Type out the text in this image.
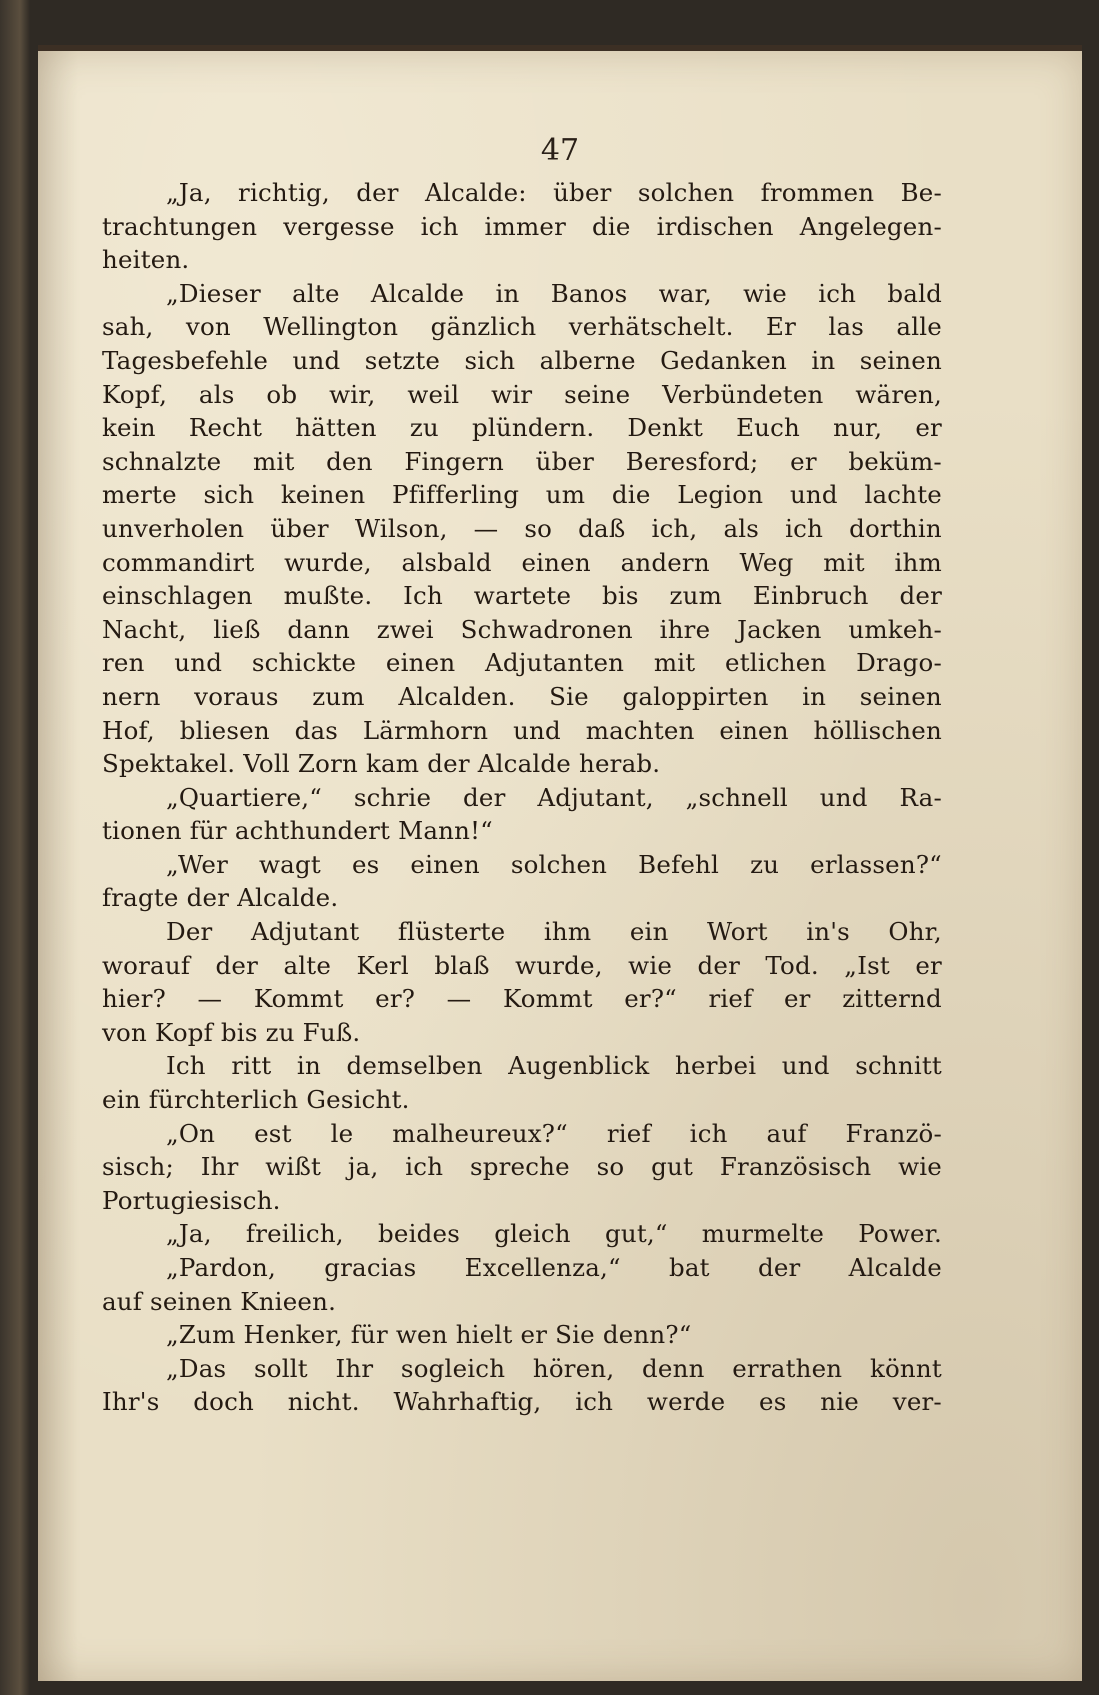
47
„Ja, richtig, der Alcalde: über solchen frommen Be-
trachtungen vergesse ich immer die irdischen Angelegen-
heiten.
„Dieser alte Alcalde in Banos war, wie ich bald
sah, von Wellington gänzlich verhätschelt. Er las alle
Tagesbefehle und setzte sich alberne Gedanken in seinen
Kopf, als ob wir, weil wir seine Verbündeten wären,
kein Recht hätten zu plündern. Denkt Euch nur, er
schnalzte mit den Fingern über Beresford; er beküm-
merte sich keinen Pfifferling um die Legion und lachte
unverholen über Wilson, — so daß ich, als ich dorthin
commandirt wurde, alsbald einen andern Weg mit ihm
einschlagen mußte. Ich wartete bis zum Einbruch der
Nacht, ließ dann zwei Schwadronen ihre Jacken umkeh-
ren und schickte einen Adjutanten mit etlichen Drago-
nern voraus zum Alcalden. Sie galoppirten in seinen
Hof, bliesen das Lärmhorn und machten einen höllischen
Spektakel. Voll Zorn kam der Alcalde herab.
„Quartiere,“ schrie der Adjutant, „schnell und Ra-
tionen für achthundert Mann!“
„Wer wagt es einen solchen Befehl zu erlassen?“
fragte der Alcalde.
Der Adjutant flüsterte ihm ein Wort in's Ohr,
worauf der alte Kerl blaß wurde, wie der Tod. „Ist er
hier? — Kommt er? — Kommt er?“ rief er zitternd
von Kopf bis zu Fuß.
Ich ritt in demselben Augenblick herbei und schnitt
ein fürchterlich Gesicht.
„On est le malheureux?“ rief ich auf Franzö-
sisch; Ihr wißt ja, ich spreche so gut Französisch wie
Portugiesisch.
„Ja, freilich, beides gleich gut,“ murmelte Power.
„Pardon, gracias Excellenza,“ bat der Alcalde
auf seinen Knieen.
„Zum Henker, für wen hielt er Sie denn?“
„Das sollt Ihr sogleich hören, denn errathen könnt
Ihr's doch nicht. Wahrhaftig, ich werde es nie ver-
